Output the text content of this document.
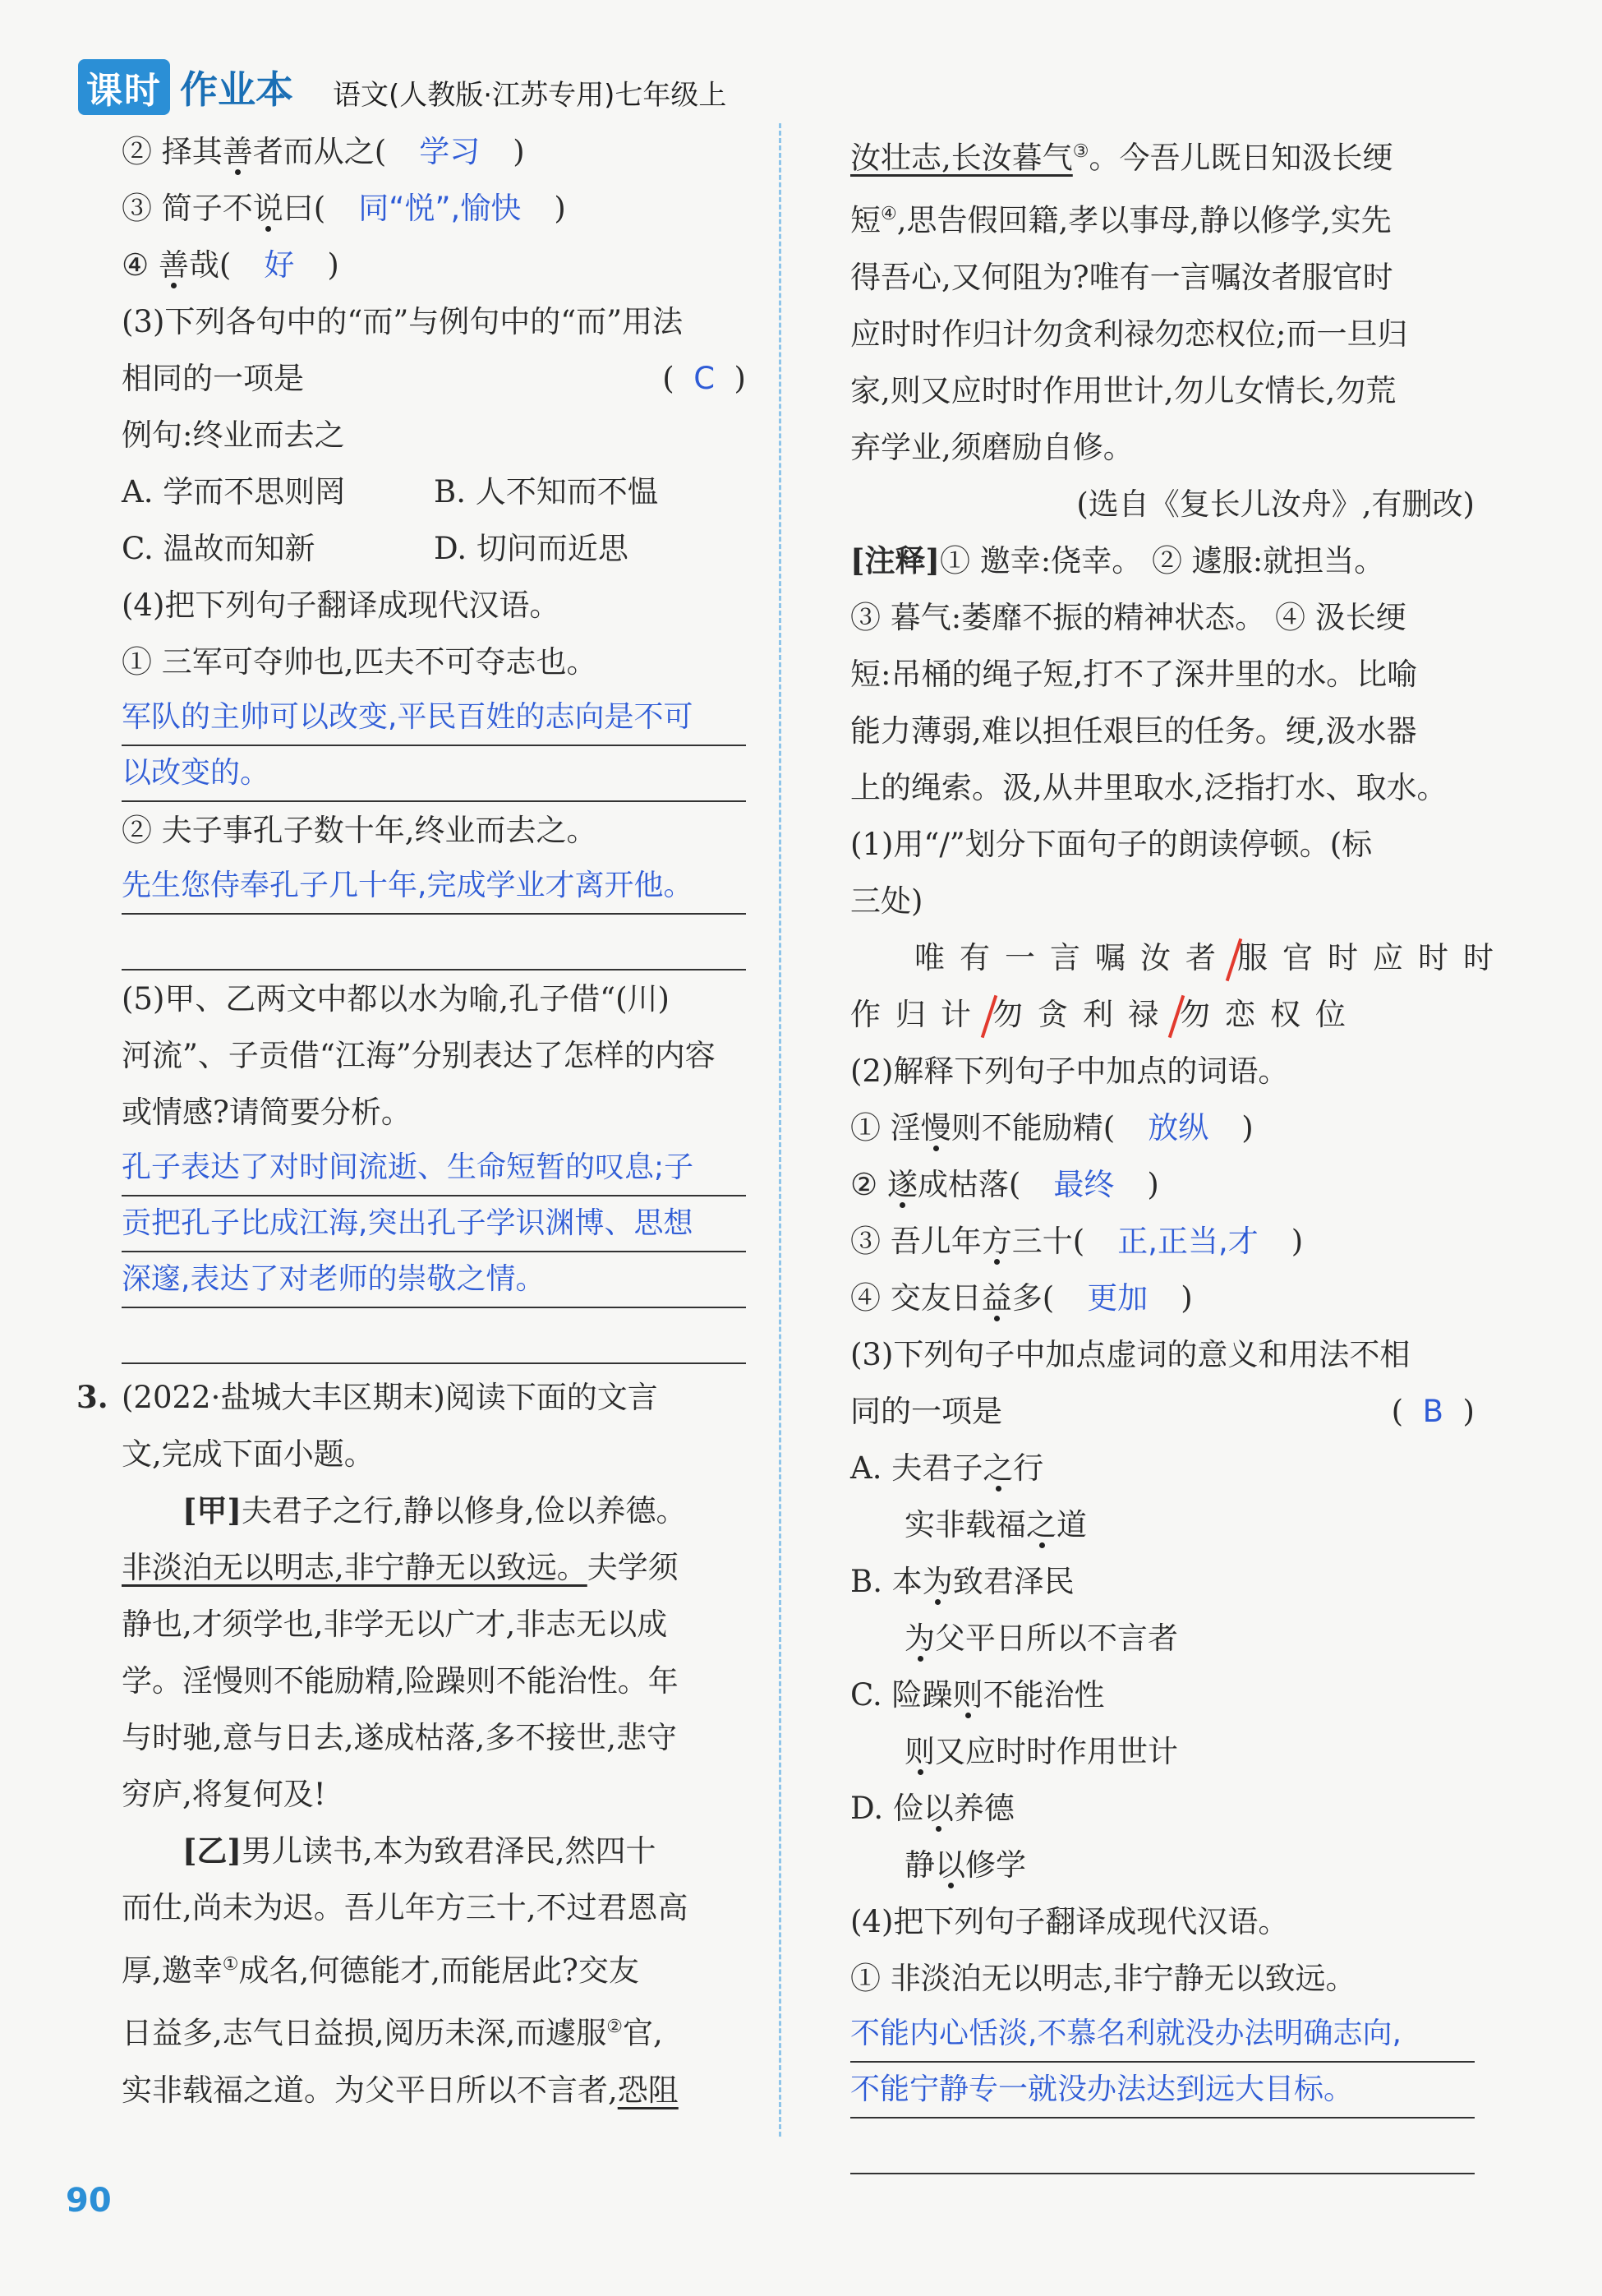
课时 作业本 语文(人教版·江苏专用)七年级上
② 择其善者而从之( 学习 )
③ 简子不说曰( 同“悦”,愉快 )
④ 善哉( 好 )
(3)下列各句中的“而”与例句中的“而”用法
相同的一项是	(  C  )
例句:终业而去之
A. 学而不思则罔	B. 人不知而不愠
C. 温故而知新	D. 切问而近思
(4)把下列句子翻译成现代汉语。
① 三军可夺帅也,匹夫不可夺志也。
军队的主帅可以改变,平民百姓的志向是不可
以改变的。
② 夫子事孔子数十年,终业而去之。
先生您侍奉孔子几十年,完成学业才离开他。
(5)甲、乙两文中都以水为喻,孔子借“(川)
河流”、子贡借“江海”分别表达了怎样的内容
或情感?请简要分析。
孔子表达了对时间流逝、生命短暂的叹息;子
贡把孔子比成江海,突出孔子学识渊博、思想
深邃,表达了对老师的崇敬之情。
3. (2022·盐城大丰区期末)阅读下面的文言
文,完成下面小题。
[甲]夫君子之行,静以修身,俭以养德。
非淡泊无以明志,非宁静无以致远。夫学须
静也,才须学也,非学无以广才,非志无以成
学。淫慢则不能励精,险躁则不能治性。年
与时驰,意与日去,遂成枯落,多不接世,悲守
穷庐,将复何及!
[乙]男儿读书,本为致君泽民,然四十
而仕,尚未为迟。吾儿年方三十,不过君恩高
厚,邀幸①成名,何德能才,而能居此?交友
日益多,志气日益损,阅历未深,而遽服②官,
实非载福之道。为父平日所以不言者,恐阻
汝壮志,长汝暮气③。今吾儿既日知汲长绠
短④,思告假回籍,孝以事母,静以修学,实先
得吾心,又何阻为?唯有一言嘱汝者服官时
应时时作归计勿贪利禄勿恋权位;而一旦归
家,则又应时时作用世计,勿儿女情长,勿荒
弃学业,须磨励自修。
(选自《复长儿汝舟》,有删改)
[注释]① 邀幸:侥幸。 ② 遽服:就担当。
③ 暮气:萎靡不振的精神状态。 ④ 汲长绠
短:吊桶的绳子短,打不了深井里的水。比喻
能力薄弱,难以担任艰巨的任务。绠,汲水器
上的绳索。汲,从井里取水,泛指打水、取水。
(1)用“/”划分下面句子的朗读停顿。(标
三处)
唯有一言嘱汝者 服官时应时时
作归计 勿贪利禄 勿恋权位
(2)解释下列句子中加点的词语。
① 淫慢则不能励精( 放纵 )
② 遂成枯落( 最终 )
③ 吾儿年方三十( 正,正当,才 )
④ 交友日益多( 更加 )
(3)下列句子中加点虚词的意义和用法不相
同的一项是	(  B  )
A. 夫君子之行
实非载福之道
B. 本为致君泽民
为父平日所以不言者
C. 险躁则不能治性
则又应时时作用世计
D. 俭以养德
静以修学
(4)把下列句子翻译成现代汉语。
① 非淡泊无以明志,非宁静无以致远。
不能内心恬淡,不慕名利就没办法明确志向,
不能宁静专一就没办法达到远大目标。
90
